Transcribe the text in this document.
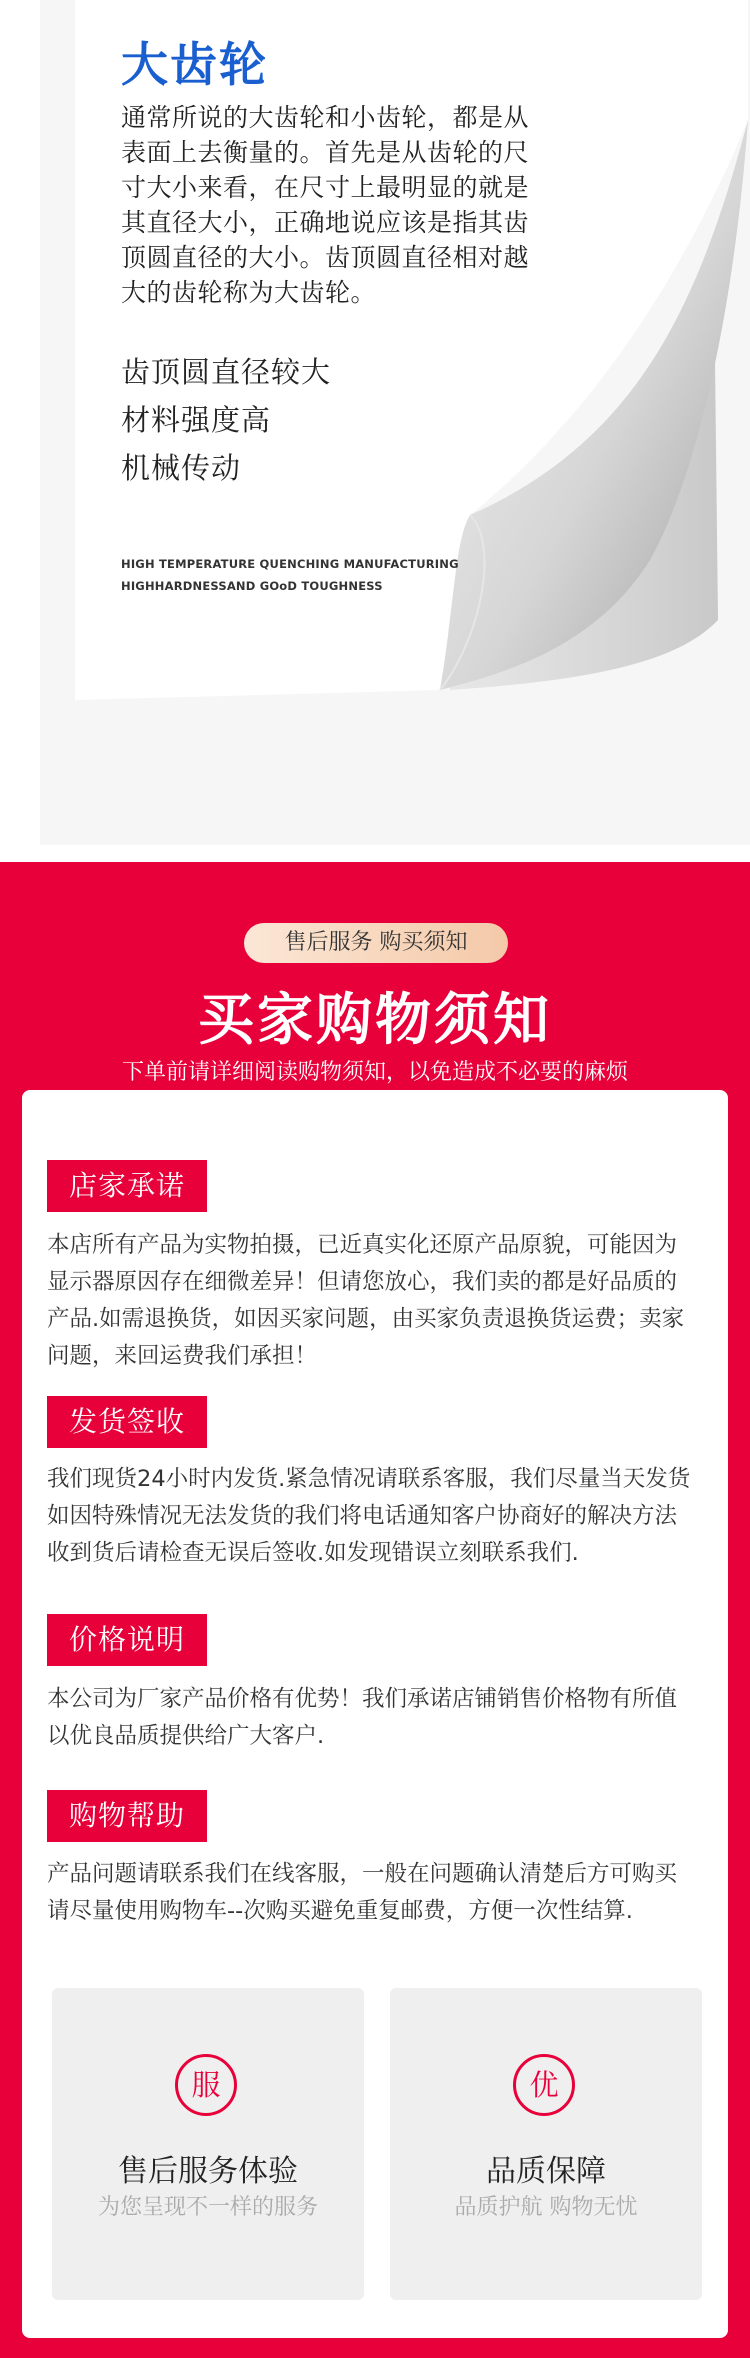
大齿轮
通常所说的大齿轮和小齿轮，都是从表面上去衡量的。首先是从齿轮的尺寸大小来看，在尺寸上最明显的就是其直径大小，正确地说应该是指其齿顶圆直径的大小。齿顶圆直径相对越大的齿轮称为大齿轮。
齿顶圆直径较大
材料强度高
机械传动
HIGH TEMPERATURE QUENCHING MANUFACTURING
HIGHHARDNESSAND GOoD TOUGHNESS
售后服务 购买须知
买家购物须知
下单前请详细阅读购物须知，以免造成不必要的麻烦
店家承诺
本店所有产品为实物拍摄，已近真实化还原产品原貌，可能因为显示器原因存在细微差异！但请您放心，我们卖的都是好品质的产品.如需退换货，如因买家问题，由买家负责退换货运费；卖家问题，来回运费我们承担！
发货签收
我们现货24小时内发货.紧急情况请联系客服，我们尽量当天发货如因特殊情况无法发货的我们将电话通知客户协商好的解决方法收到货后请检查无误后签收.如发现错误立刻联系我们.
价格说明
本公司为厂家产品价格有优势！我们承诺店铺销售价格物有所值以优良品质提供给广大客户.
购物帮助
产品问题请联系我们在线客服，一般在问题确认清楚后方可购买请尽量使用购物车--次购买避免重复邮费，方便一次性结算.
服
售后服务体验
为您呈现不一样的服务
优
品质保障
品质护航 购物无忧
